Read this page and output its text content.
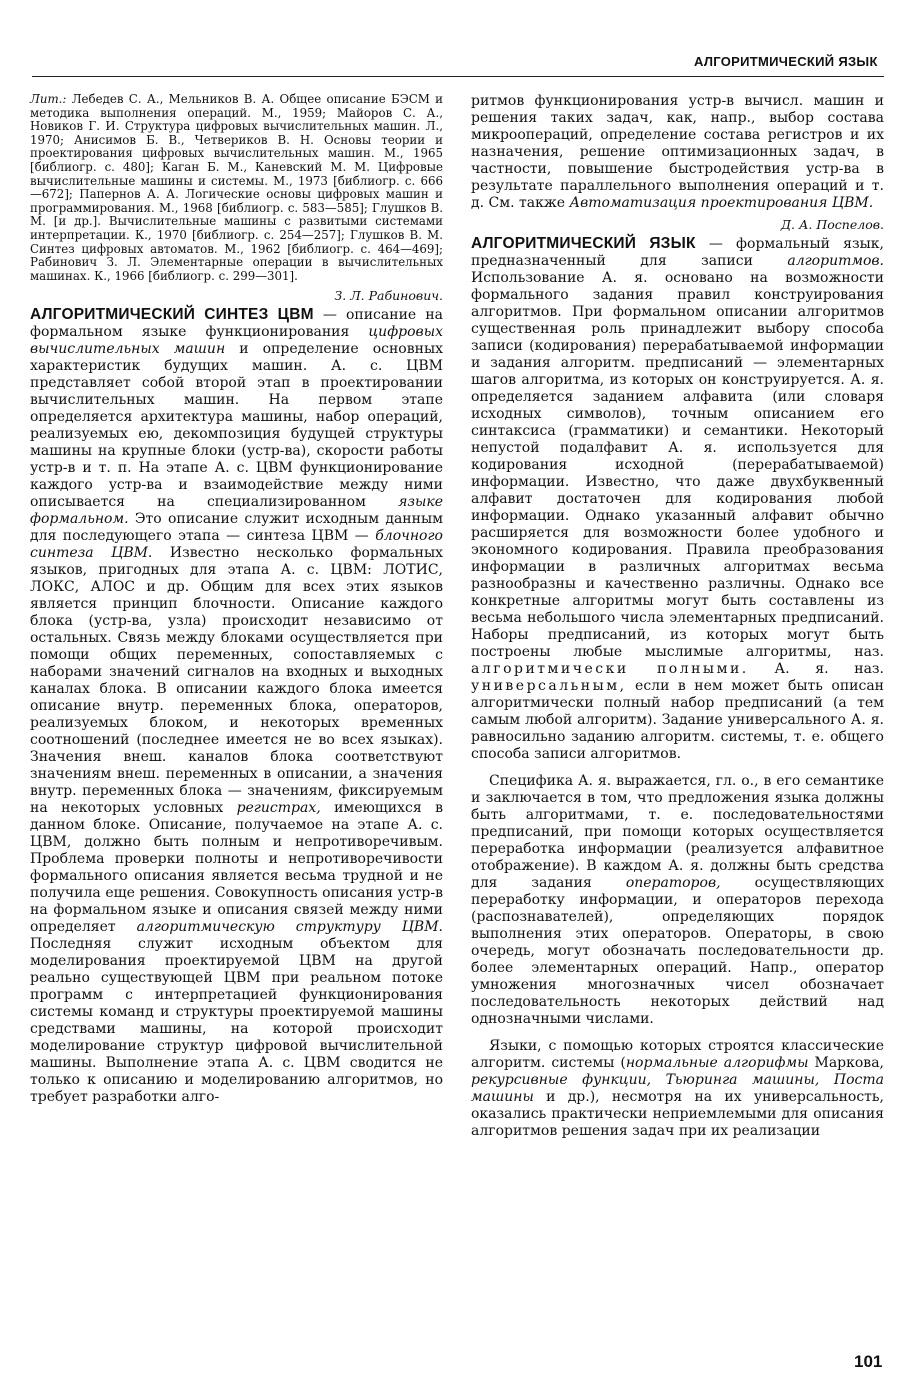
АЛГОРИТМИЧЕСКИЙ ЯЗЫК

Лит.: Лебедев С. А., Мельников В. А. Общее описание БЭСМ и методика выполнения операций. М., 1959; Майоров С. А., Новиков Г. И. Структура цифровых вычислительных машин. Л., 1970; Анисимов Б. В., Четвериков В. Н. Основы теории и проектирования цифровых вычислительных машин. М., 1965 [библиогр. с. 480]; Каган Б. М., Каневский М. М. Цифровые вычислительные машины и системы. М., 1973 [библиогр. с. 666—672]; Папернов А. А. Логические основы цифровых машин и программирования. М., 1968 [библиогр. с. 583—585]; Глушков В. М. [и др.]. Вычислительные машины с развитыми системами интерпретации. К., 1970 [библиогр. с. 254—257]; Глушков В. М. Синтез цифровых автоматов. М., 1962 [библиогр. с. 464—469]; Рабинович З. Л. Элементарные операции в вычислительных машинах. К., 1966 [библиогр. с. 299—301].

З. Л. Рабинович.

АЛГОРИТМИЧЕСКИЙ СИНТЕЗ ЦВМ — описание на формальном языке функционирования цифровых вычислительных машин и определение основных характеристик будущих машин. А. с. ЦВМ представляет собой второй этап в проектировании вычислительных машин. На первом этапе определяется архитектура машины, набор операций, реализуемых ею, декомпозиция будущей структуры машины на крупные блоки (устр-ва), скорости работы устр-в и т. п. На этапе А. с. ЦВМ функционирование каждого устр-ва и взаимодействие между ними описывается на специализированном языке формальном. Это описание служит исходным данным для последующего этапа — синтеза ЦВМ — блочного синтеза ЦВМ. Известно несколько формальных языков, пригодных для этапа А. с. ЦВМ: ЛОТИС, ЛОКС, АЛОС и др. Общим для всех этих языков является принцип блочности. Описание каждого блока (устр-ва, узла) происходит независимо от остальных. Связь между блоками осуществляется при помощи общих переменных, сопоставляемых с наборами значений сигналов на входных и выходных каналах блока. В описании каждого блока имеется описание внутр. переменных блока, операторов, реализуемых блоком, и некоторых временных соотношений (последнее имеется не во всех языках). Значения внеш. каналов блока соответствуют значениям внеш. переменных в описании, а значения внутр. переменных блока — значениям, фиксируемым на некоторых условных регистрах, имеющихся в данном блоке. Описание, получаемое на этапе А. с. ЦВМ, должно быть полным и непротиворечивым. Проблема проверки полноты и непротиворечивости формального описания является весьма трудной и не получила еще решения. Совокупность описания устр-в на формальном языке и описания связей между ними определяет алгоритмическую структуру ЦВМ. Последняя служит исходным объектом для моделирования проектируемой ЦВМ на другой реально существующей ЦВМ при реальном потоке программ с интерпретацией функционирования системы команд и структуры проектируемой машины средствами машины, на которой происходит моделирование структур цифровой вычислительной машины. Выполнение этапа А. с. ЦВМ сводится не только к описанию и моделированию алгоритмов, но требует разработки алго-

ритмов функционирования устр-в вычисл. машин и решения таких задач, как, напр., выбор состава микроопераций, определение состава регистров и их назначения, решение оптимизационных задач, в частности, повышение быстродействия устр-ва в результате параллельного выполнения операций и т. д. См. также Автоматизация проектирования ЦВМ.

Д. А. Поспелов.

АЛГОРИТМИЧЕСКИЙ ЯЗЫК — формальный язык, предназначенный для записи алгоритмов. Использование А. я. основано на возможности формального задания правил конструирования алгоритмов. При формальном описании алгоритмов существенная роль принадлежит выбору способа записи (кодирования) перерабатываемой информации и задания алгоритм. предписаний — элементарных шагов алгоритма, из которых он конструируется. А. я. определяется заданием алфавита (или словаря исходных символов), точным описанием его синтаксиса (грамматики) и семантики. Некоторый непустой подалфавит А. я. используется для кодирования исходной (перерабатываемой) информации. Известно, что даже двухбуквенный алфавит достаточен для кодирования любой информации. Однако указанный алфавит обычно расширяется для возможности более удобного и экономного кодирования. Правила преобразования информации в различных алгоритмах весьма разнообразны и качественно различны. Однако все конкретные алгоритмы могут быть составлены из весьма небольшого числа элементарных предписаний. Наборы предписаний, из которых могут быть построены любые мыслимые алгоритмы, наз. алгоритмически полными. А. я. наз. универсальным, если в нем может быть описан алгоритмически полный набор предписаний (а тем самым любой алгоритм). Задание универсального А. я. равносильно заданию алгоритм. системы, т. е. общего способа записи алгоритмов.

Специфика А. я. выражается, гл. о., в его семантике и заключается в том, что предложения языка должны быть алгоритмами, т. е. последовательностями предписаний, при помощи которых осуществляется переработка информации (реализуется алфавитное отображение). В каждом А. я. должны быть средства для задания операторов, осуществляющих переработку информации, и операторов перехода (распознавателей), определяющих порядок выполнения этих операторов. Операторы, в свою очередь, могут обозначать последовательности др. более элементарных операций. Напр., оператор умножения многозначных чисел обозначает последовательность некоторых действий над однозначными числами.

Языки, с помощью которых строятся классические алгоритм. системы (нормальные алгорифмы Маркова, рекурсивные функции, Тьюринга машины, Поста машины и др.), несмотря на их универсальность, оказались практически неприемлемыми для описания алгоритмов решения задач при их реализации

101
